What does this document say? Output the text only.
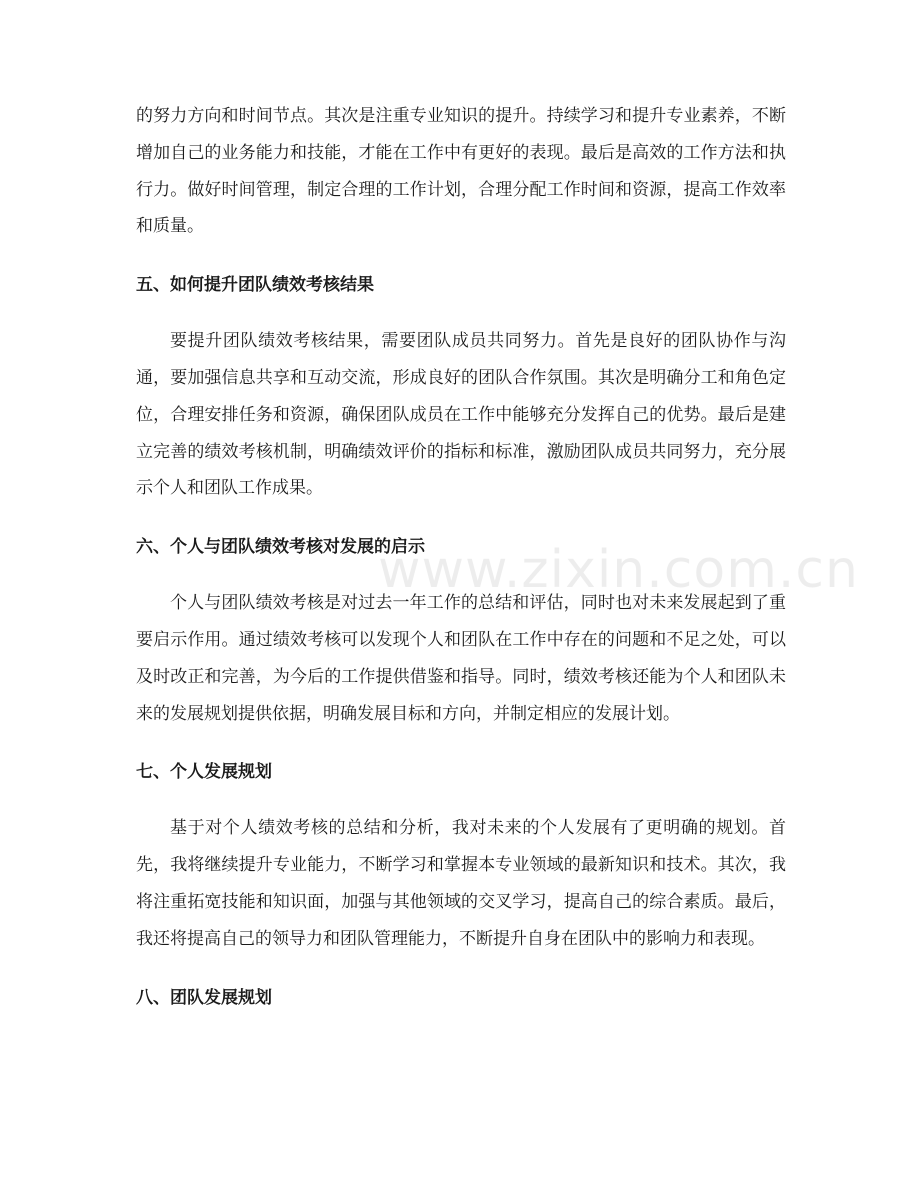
www.zixin.com.cn

的努力方向和时间节点。其次是注重专业知识的提升。持续学习和提升专业素养，不断增加自己的业务能力和技能，才能在工作中有更好的表现。最后是高效的工作方法和执行力。做好时间管理，制定合理的工作计划，合理分配工作时间和资源，提高工作效率和质量。

五、如何提升团队绩效考核结果

要提升团队绩效考核结果，需要团队成员共同努力。首先是良好的团队协作与沟通，要加强信息共享和互动交流，形成良好的团队合作氛围。其次是明确分工和角色定位，合理安排任务和资源，确保团队成员在工作中能够充分发挥自己的优势。最后是建立完善的绩效考核机制，明确绩效评价的指标和标准，激励团队成员共同努力，充分展示个人和团队工作成果。

六、个人与团队绩效考核对发展的启示

个人与团队绩效考核是对过去一年工作的总结和评估，同时也对未来发展起到了重要启示作用。通过绩效考核可以发现个人和团队在工作中存在的问题和不足之处，可以及时改正和完善，为今后的工作提供借鉴和指导。同时，绩效考核还能为个人和团队未来的发展规划提供依据，明确发展目标和方向，并制定相应的发展计划。

七、个人发展规划

基于对个人绩效考核的总结和分析，我对未来的个人发展有了更明确的规划。首先，我将继续提升专业能力，不断学习和掌握本专业领域的最新知识和技术。其次，我将注重拓宽技能和知识面，加强与其他领域的交叉学习，提高自己的综合素质。最后，我还将提高自己的领导力和团队管理能力，不断提升自身在团队中的影响力和表现。

八、团队发展规划
